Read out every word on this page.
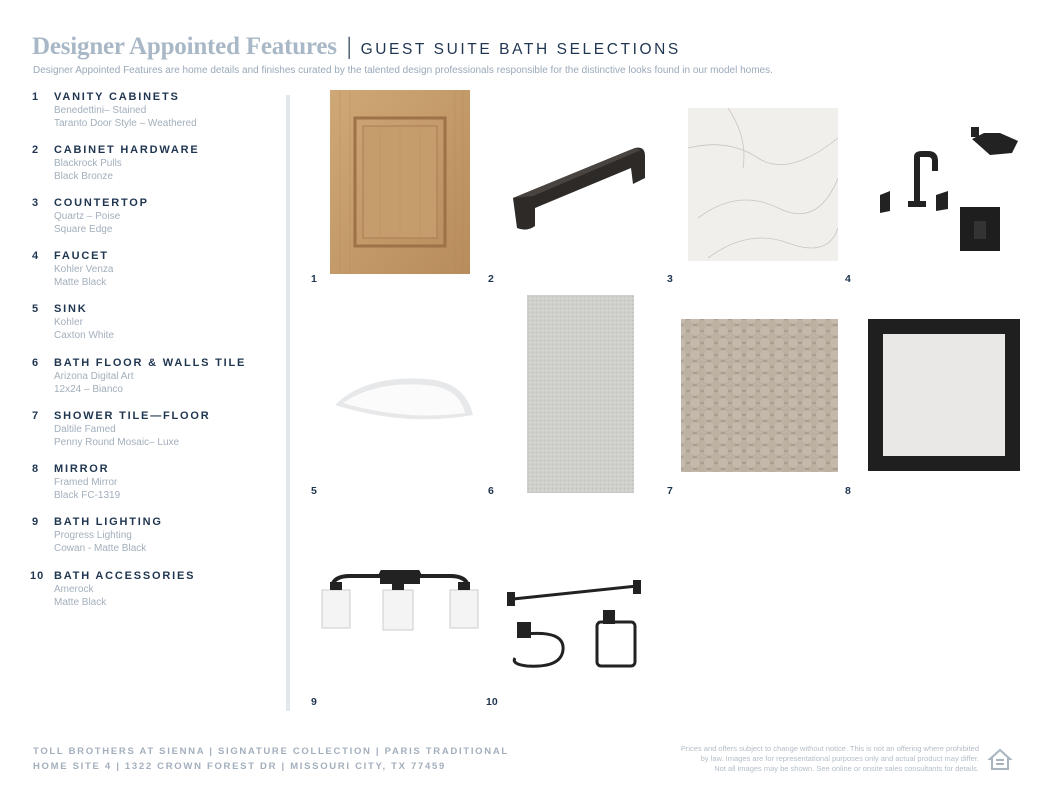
Designer Appointed Features | GUEST SUITE BATH SELECTIONS
Designer Appointed Features are home details and finishes curated by the talented design professionals responsible for the distinctive looks found in our model homes.
1 VANITY CABINETS
Benedettini– Stained
Taranto Door Style – Weathered
2 CABINET HARDWARE
Blackrock Pulls
Black Bronze
3 COUNTERTOP
Quartz – Poise
Square Edge
4 FAUCET
Kohler Venza
Matte Black
5 SINK
Kohler
Caxton White
6 BATH FLOOR & WALLS TILE
Arizona Digital Art
12x24 – Bianco
7 SHOWER TILE—FLOOR
Daltile Famed
Penny Round Mosaic– Luxe
8 MIRROR
Framed Mirror
Black FC-1319
9 BATH LIGHTING
Progress Lighting
Cowan - Matte Black
10 BATH ACCESSORIES
Amerock
Matte Black
1	2	3	4
5	6	7	8
9	10
TOLL BROTHERS AT SIENNA | SIGNATURE COLLECTION | PARIS TRADITIONAL
HOME SITE 4 | 1322 CROWN FOREST DR | MISSOURI CITY, TX 77459
Prices and offers subject to change without notice. This is not an offering where prohibited
by law. Images are for representational purposes only and actual product may differ.
Not all images may be shown. See online or onsite sales consultants for details.
